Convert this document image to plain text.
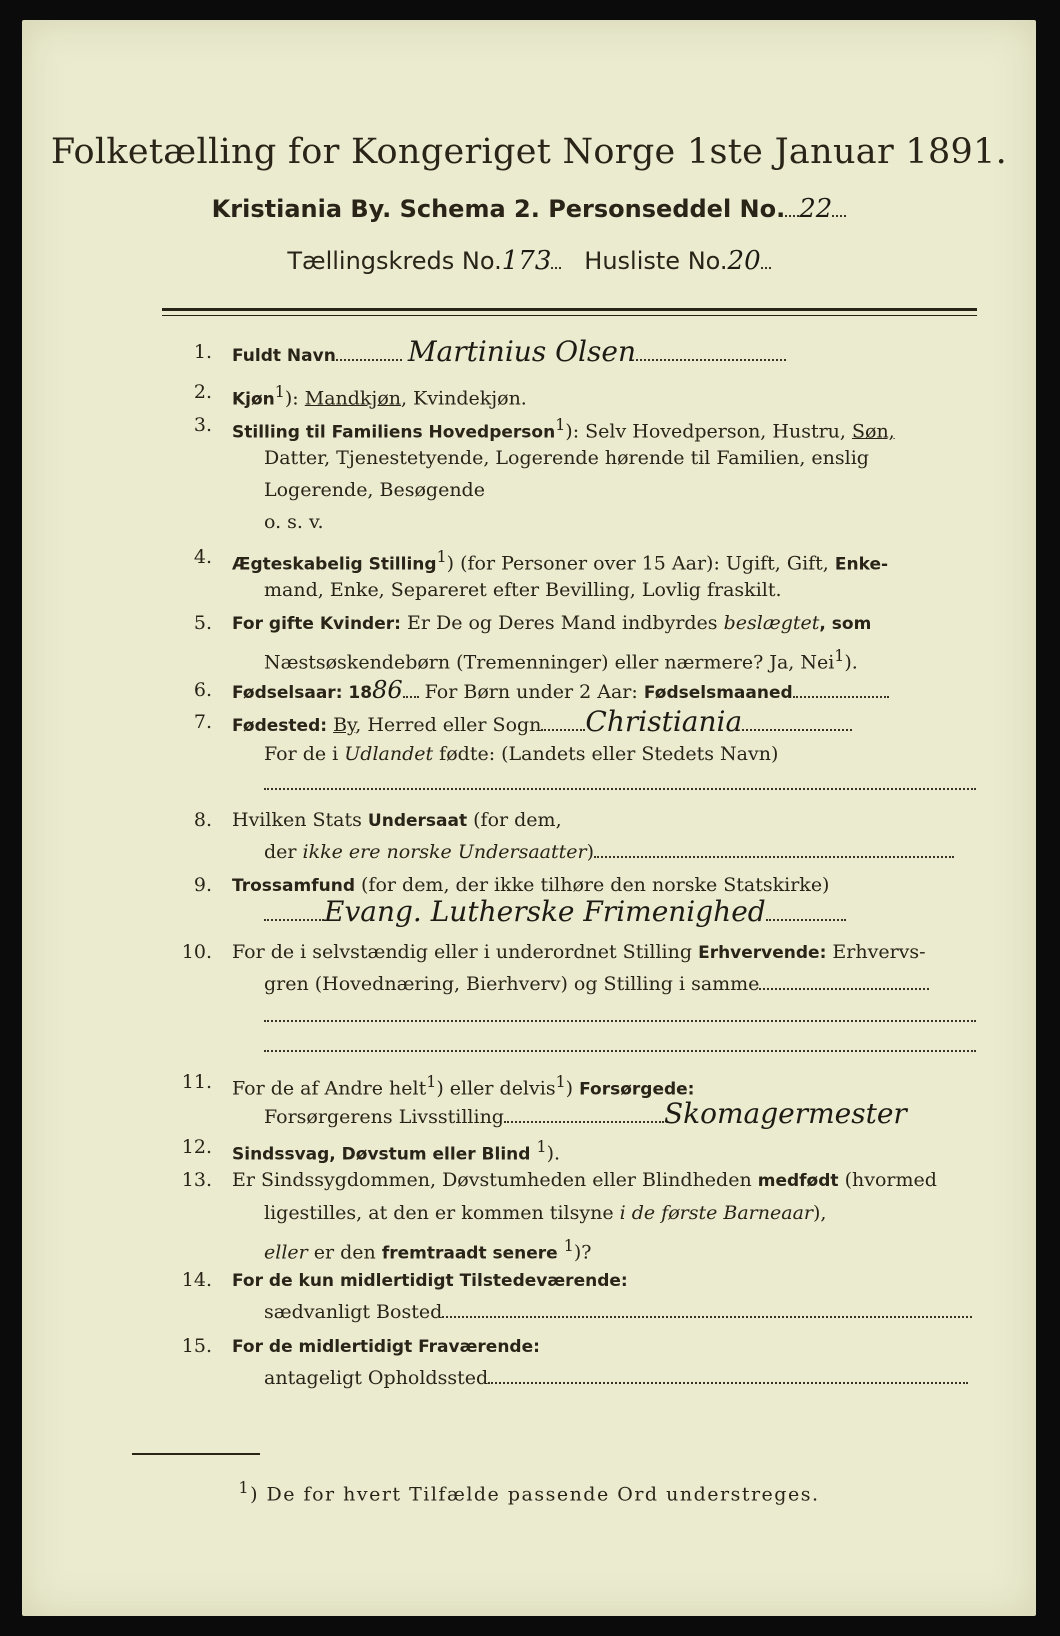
Folketælling for Kongeriget Norge 1ste Januar 1891.
Kristiania By. Schema 2. Personseddel No. 22
Tællingskreds No.173 Husliste No.20
1. Fuldt Navn	Martinius Olsen
2. Kjøn$^1$): Mandkjøn, Kvindekjøn.
3. Stilling til Familiens Hovedperson$^1$): Selv Hovedperson, Hustru, Søn,
Datter, Tjenestetyende, Logerende hørende til Familien, enslig
Logerende, Besøgende
o. s. v.
4. Ægteskabelig Stilling$^1$) (for Personer over 15 Aar): Ugift, Gift, Enke-
mand, Enke, Separeret efter Bevilling, Lovlig fraskilt.
5. For gifte Kvinder: Er De og Deres Mand indbyrdes beslægtet, som
Næstsøskendebørn (Tremenninger) eller nærmere? Ja, Nei$^1$).
6. Fødselsaar: 1886 For Børn under 2 Aar: Fødselsmaaned
7. Fødested: By, Herred eller Sogn Christiania
For de i Udlandet fødte: (Landets eller Stedets Navn)
8. Hvilken Stats Undersaat (for dem,
der ikke ere norske Undersaatter)
9. Trossamfund (for dem, der ikke tilhøre den norske Statskirke)
Evang. Lutherske Frimenighed
10. For de i selvstændig eller i underordnet Stilling Erhvervende: Erhvervs-
gren (Hovednæring, Bierhverv) og Stilling i samme
11. For de af Andre helt$^1$) eller delvis$^1$) Forsørgede:
Forsørgerens Livsstilling	Skomagermester
12. Sindssvag, Døvstum eller Blind $^1$).
13. Er Sindssygdommen, Døvstumheden eller Blindheden medfødt (hvormed
ligestilles, at den er kommen tilsyne i de første Barneaar),
eller er den fremtraadt senere $^1$)?
14. For de kun midlertidigt Tilstedeværende:
sædvanligt Bosted
15. For de midlertidigt Fraværende:
antageligt Opholdssted
$^1$) De for hvert Tilfælde passende Ord understreges.
